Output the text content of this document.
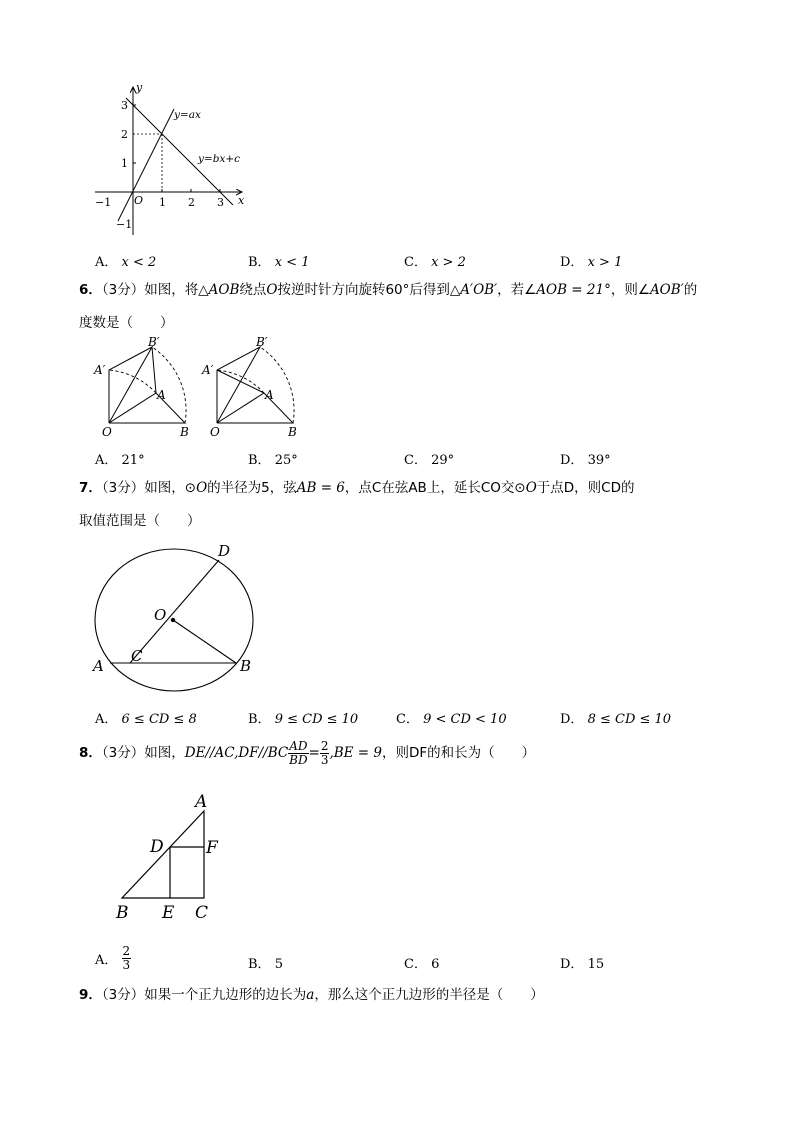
y
x
3
2
1
−1
−1 O 1 2 3
y=ax
y=bx+c
A． x < 2	B． x < 1	C． x > 2	D． x > 1
6．（3分）如图，将△AOB绕点O按逆时针方向旋转60°后得到△A′OB′，若∠AOB = 21°，则∠AOB′的
度数是（　　）
B′
A′
A
O	B
B′
A′
A
O	B
A． 21°	B． 25°	C． 29°	D． 39°
7．（3分）如图，⊙O的半径为5，弦AB = 6，点C在弦AB上，延长CO交⊙O于点D，则CD的
取值范围是（　　）
D
O
C
A	B
A． 6 ≤ CD ≤ 8	B． 9 ≤ CD ≤ 10	C． 9 < CD < 10	D． 8 ≤ CD ≤ 10
8．（3分）如图，$DE//AC,DF//BC \frac{AD}{BD} = \frac{2}{3} ,BE = 9$，则DF的和长为（　　）
A
D F
B E C
A． $\frac{2}{3}$	B． 5	C． 6	D． 15
9．（3分）如果一个正九边形的边长为a，那么这个正九边形的半径是（　　）
